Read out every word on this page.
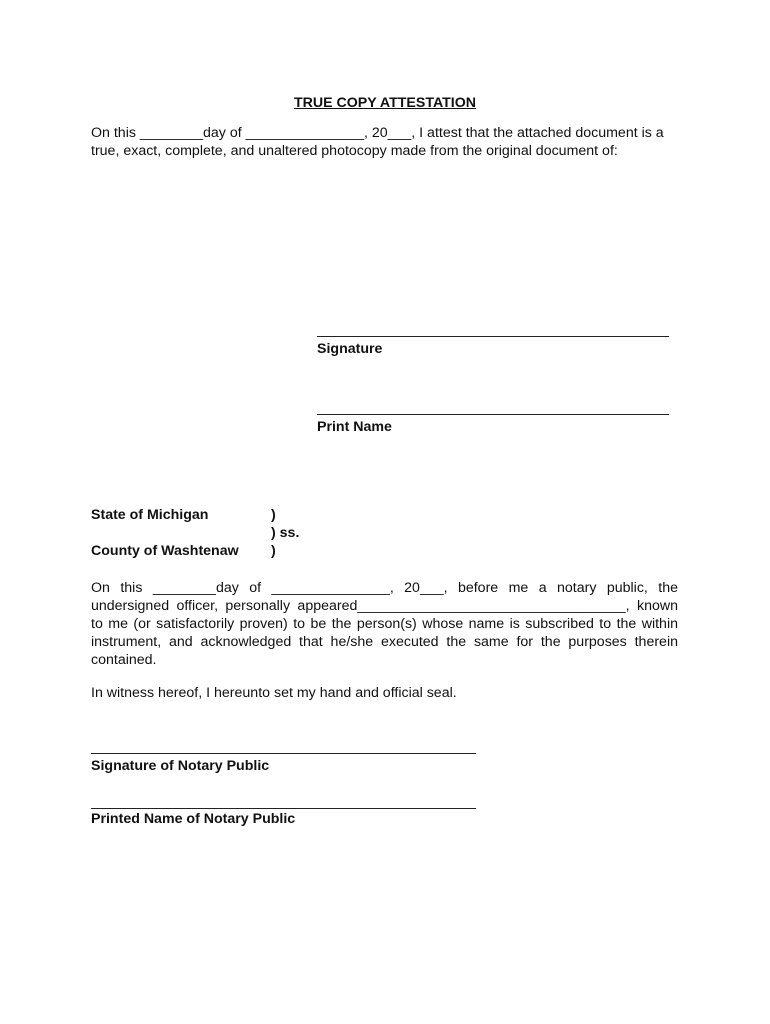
TRUE COPY ATTESTATION

On this ________day of _______________, 20___, I attest that the attached document is a true, exact, complete, and unaltered photocopy made from the original document of:

Signature
Print Name
State of Michigan	)
) ss.
County of Washtenaw )

On this ________day of _______________, 20___, before me a notary public, the undersigned officer, personally appeared__________________________________, known to me (or satisfactorily proven) to be the person(s) whose name is subscribed to the within instrument, and acknowledged that he/she executed the same for the purposes therein contained.

In witness hereof, I hereunto set my hand and official seal.

Signature of Notary Public
Printed Name of Notary Public
